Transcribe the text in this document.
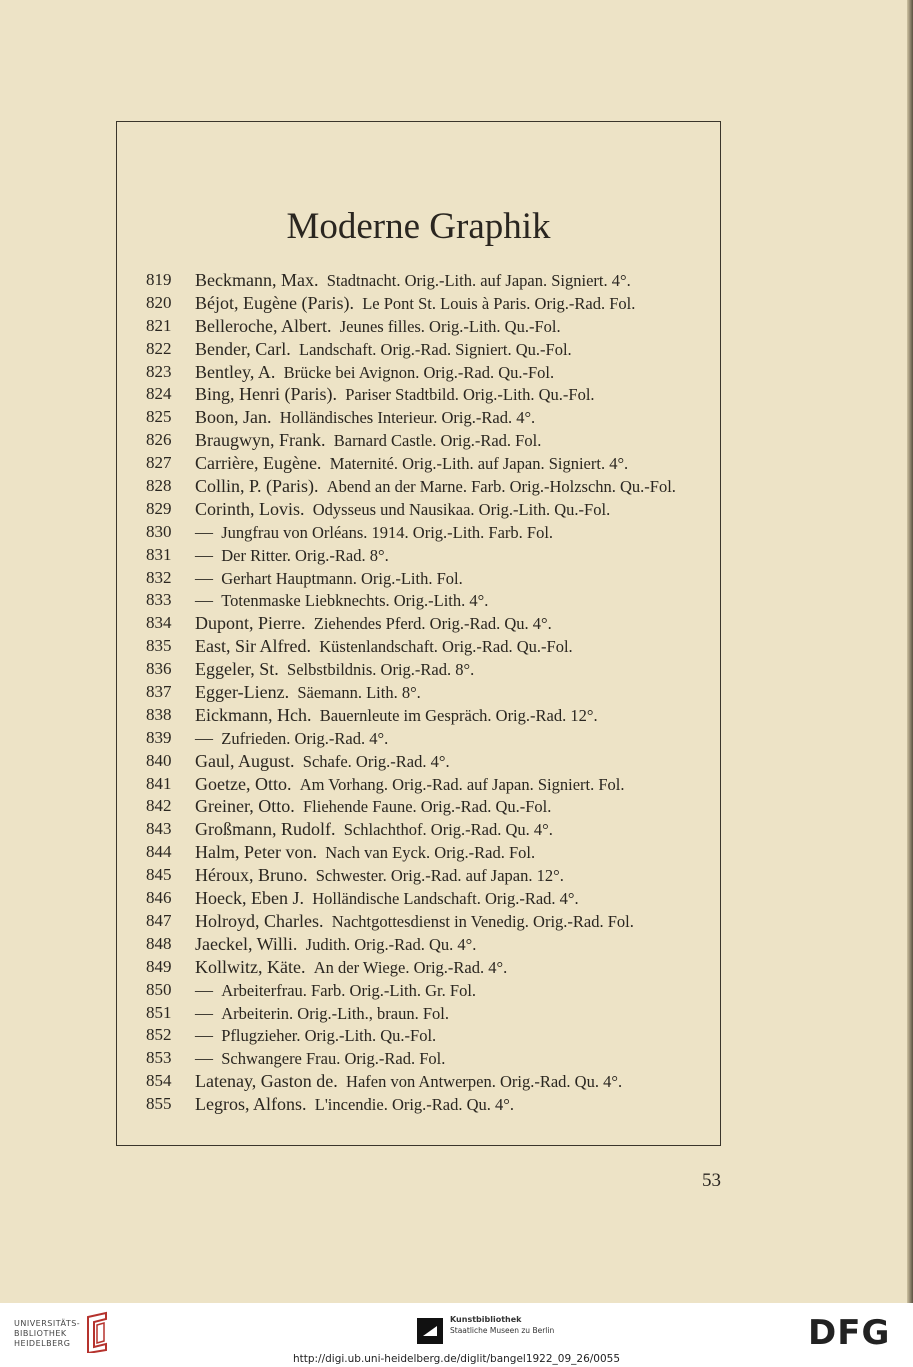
Moderne Graphik
819	Beckmann, Max. Stadtnacht. Orig.-Lith. auf Japan. Signiert. 4°.
820	Béjot, Eugène (Paris). Le Pont St. Louis à Paris. Orig.-Rad. Fol.
821	Belleroche, Albert. Jeunes filles. Orig.-Lith. Qu.-Fol.
822	Bender, Carl. Landschaft. Orig.-Rad. Signiert. Qu.-Fol.
823	Bentley, A. Brücke bei Avignon. Orig.-Rad. Qu.-Fol.
824	Bing, Henri (Paris). Pariser Stadtbild. Orig.-Lith. Qu.-Fol.
825	Boon, Jan. Holländisches Interieur. Orig.-Rad. 4°.
826	Braugwyn, Frank. Barnard Castle. Orig.-Rad. Fol.
827	Carrière, Eugène. Maternité. Orig.-Lith. auf Japan. Signiert. 4°.
828	Collin, P. (Paris). Abend an der Marne. Farb. Orig.-Holzschn. Qu.-Fol.
829	Corinth, Lovis. Odysseus und Nausikaa. Orig.-Lith. Qu.-Fol.
830	— Jungfrau von Orléans. 1914. Orig.-Lith. Farb. Fol.
831	— Der Ritter. Orig.-Rad. 8°.
832	— Gerhart Hauptmann. Orig.-Lith. Fol.
833	— Totenmaske Liebknechts. Orig.-Lith. 4°.
834	Dupont, Pierre. Ziehendes Pferd. Orig.-Rad. Qu. 4°.
835	East, Sir Alfred. Küstenlandschaft. Orig.-Rad. Qu.-Fol.
836	Eggeler, St. Selbstbildnis. Orig.-Rad. 8°.
837	Egger-Lienz. Säemann. Lith. 8°.
838	Eickmann, Hch. Bauernleute im Gespräch. Orig.-Rad. 12°.
839	— Zufrieden. Orig.-Rad. 4°.
840	Gaul, August. Schafe. Orig.-Rad. 4°.
841	Goetze, Otto. Am Vorhang. Orig.-Rad. auf Japan. Signiert. Fol.
842	Greiner, Otto. Fliehende Faune. Orig.-Rad. Qu.-Fol.
843	Großmann, Rudolf. Schlachthof. Orig.-Rad. Qu. 4°.
844	Halm, Peter von. Nach van Eyck. Orig.-Rad. Fol.
845	Héroux, Bruno. Schwester. Orig.-Rad. auf Japan. 12°.
846	Hoeck, Eben J. Holländische Landschaft. Orig.-Rad. 4°.
847	Holroyd, Charles. Nachtgottesdienst in Venedig. Orig.-Rad. Fol.
848	Jaeckel, Willi. Judith. Orig.-Rad. Qu. 4°.
849	Kollwitz, Käte. An der Wiege. Orig.-Rad. 4°.
850	— Arbeiterfrau. Farb. Orig.-Lith. Gr. Fol.
851	— Arbeiterin. Orig.-Lith., braun. Fol.
852	— Pflugzieher. Orig.-Lith. Qu.-Fol.
853	— Schwangere Frau. Orig.-Rad. Fol.
854	Latenay, Gaston de. Hafen von Antwerpen. Orig.-Rad. Qu. 4°.
855	Legros, Alfons. L'incendie. Orig.-Rad. Qu. 4°.
53
UNIVERSITÄTS-
BIBLIOTHEK
HEIDELBERG
Kunstbibliothek
Staatliche Museen zu Berlin	DFG
http://digi.ub.uni-heidelberg.de/diglit/bangel1922_09_26/0055
